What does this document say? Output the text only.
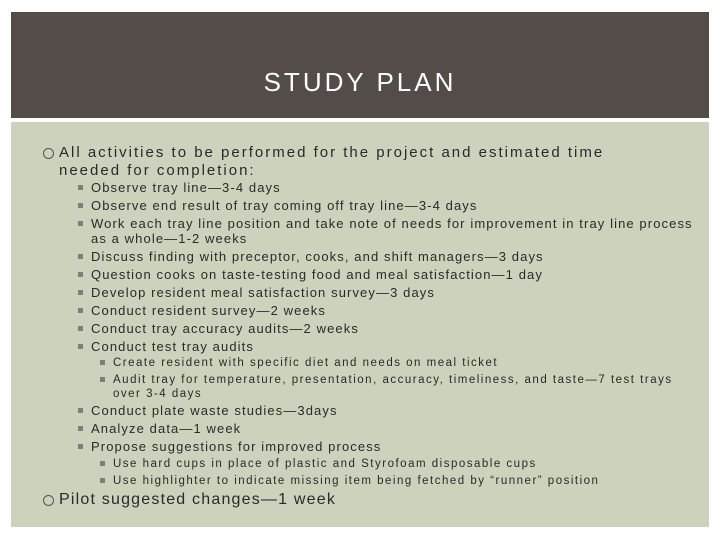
STUDY PLAN
All activities to be performed for the project and estimated time needed for completion:
Observe tray line—3-4 days
Observe end result of tray coming off tray line—3-4 days
Work each tray line position and take note of needs for improvement in tray line process as a whole—1-2 weeks
Discuss finding with preceptor, cooks, and shift managers—3 days
Question cooks on taste-testing food and meal satisfaction—1 day
Develop resident meal satisfaction survey—3 days
Conduct resident survey—2 weeks
Conduct tray accuracy audits—2 weeks
Conduct test tray audits
Create resident with specific diet and needs on meal ticket
Audit tray for temperature, presentation, accuracy, timeliness, and taste—7 test trays over 3-4 days
Conduct plate waste studies—3days
Analyze data—1 week
Propose suggestions for improved process
Use hard cups in place of plastic and Styrofoam disposable cups
Use highlighter to indicate missing item being fetched by “runner” position
Pilot suggested changes—1 week
